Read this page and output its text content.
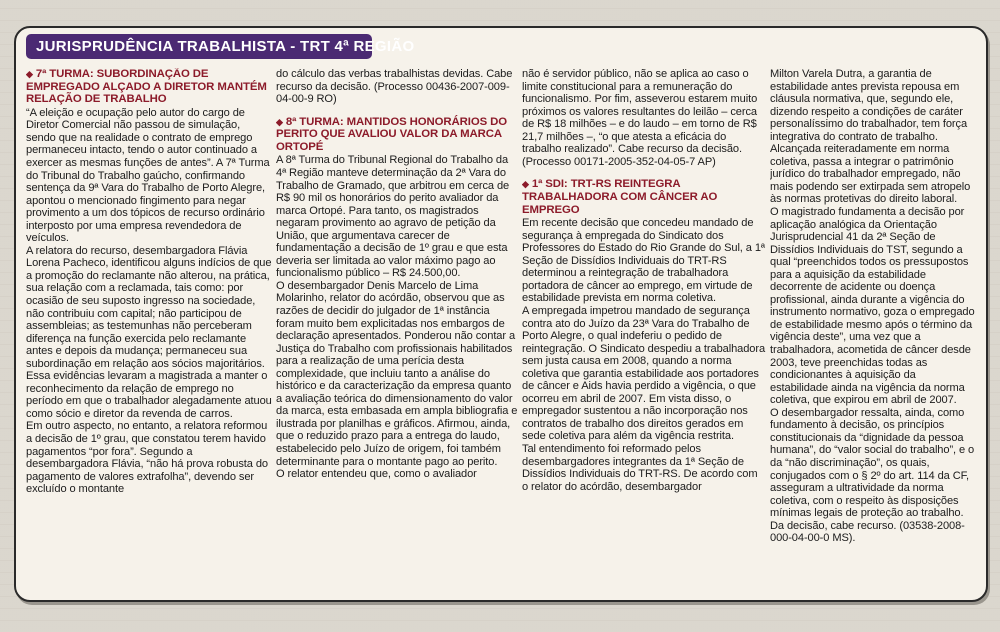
JURISPRUDÊNCIA TRABALHISTA - TRT 4ª REGIÃO
◆ 7ª TURMA: SUBORDINAÇÃO DE EMPREGADO ALÇADO A DIRETOR MANTÉM RELAÇÃO DE TRABALHO

“A eleição e ocupação pelo autor do cargo de Diretor Comercial não passou de simulação, sendo que na realidade o contrato de emprego permaneceu intacto, tendo o autor continuado a exercer as mesmas funções de antes”. A 7ª Turma do Tribunal do Trabalho gaúcho, confirmando sentença da 9ª Vara do Trabalho de Porto Alegre, apontou o mencionado fingimento para negar provimento a um dos tópicos de recurso ordinário interposto por uma empresa revendedora de veículos.

A relatora do recurso, desembargadora Flávia Lorena Pacheco, identificou alguns indícios de que a promoção do reclamante não alterou, na prática, sua relação com a reclamada, tais como: por ocasião de seu suposto ingresso na sociedade, não contribuiu com capital; não participou de assembleias; as testemunhas não perceberam diferença na função exercida pelo reclamante antes e depois da mudança; permaneceu sua subordinação em relação aos sócios majoritários. Essa evidências levaram a magistrada a manter o reconhecimento da relação de emprego no período em que o trabalhador alegadamente atuou como sócio e diretor da revenda de carros.

Em outro aspecto, no entanto, a relatora reformou a decisão de 1º grau, que constatou terem havido pagamentos “por fora”. Segundo a desembargadora Flávia, “não há prova robusta do pagamento de valores extrafolha”, devendo ser excluído o montante

do cálculo das verbas trabalhistas devidas. Cabe recurso da decisão. (Processo 00436-2007-009-04-00-9 RO)

◆ 8ª TURMA: MANTIDOS HONORÁRIOS DO PERITO QUE AVALIOU VALOR DA MARCA ORTOPÉ

A 8ª Turma do Tribunal Regional do Trabalho da 4ª Região manteve determinação da 2ª Vara do Trabalho de Gramado, que arbitrou em cerca de R$ 90 mil os honorários do perito avaliador da marca Ortopé. Para tanto, os magistrados negaram provimento ao agravo de petição da União, que argumentava carecer de fundamentação a decisão de 1º grau e que esta deveria ser limitada ao valor máximo pago ao funcionalismo público – R$ 24.500,00.

O desembargador Denis Marcelo de Lima Molarinho, relator do acórdão, observou que as razões de decidir do julgador de 1ª instância foram muito bem explicitadas nos embargos de declaração apresentados. Ponderou não contar a Justiça do Trabalho com profissionais habilitados para a realização de uma perícia desta complexidade, que incluiu tanto a análise do histórico e da caracterização da empresa quanto a avaliação teórica do dimensionamento do valor da marca, esta embasada em ampla bibliografia e ilustrada por planilhas e gráficos. Afirmou, ainda, que o reduzido prazo para a entrega do laudo, estabelecido pelo Juízo de origem, foi também determinante para o montante pago ao perito.

O relator entendeu que, como o avaliador

não é servidor público, não se aplica ao caso o limite constitucional para a remuneração do funcionalismo. Por fim, asseverou estarem muito próximos os valores resultantes do leilão – cerca de R$ 18 milhões – e do laudo – em torno de R$ 21,7 milhões –, “o que atesta a eficácia do trabalho realizado”. Cabe recurso da decisão. (Processo 00171-2005-352-04-05-7 AP)

◆ 1ª SDI: TRT-RS REINTEGRA TRABALHADORA COM CÂNCER AO EMPREGO

Em recente decisão que concedeu mandado de segurança à empregada do Sindicato dos Professores do Estado do Rio Grande do Sul, a 1ª Seção de Dissídios Individuais do TRT-RS determinou a reintegração de trabalhadora portadora de câncer ao emprego, em virtude de estabilidade prevista em norma coletiva.

A empregada impetrou mandado de segurança contra ato do Juízo da 23ª Vara do Trabalho de Porto Alegre, o qual indeferiu o pedido de reintegração. O Sindicato despediu a trabalhadora sem justa causa em 2008, quando a norma coletiva que garantia estabilidade aos portadores de câncer e Aids havia perdido a vigência, o que ocorreu em abril de 2007. Em vista disso, o empregador sustentou a não incorporação nos contratos de trabalho dos direitos gerados em sede coletiva para além da vigência restrita.

Tal entendimento foi reformado pelos desembargadores integrantes da 1ª Seção de Dissídios Individuais do TRT-RS. De acordo com o relator do acórdão, desembargador

Milton Varela Dutra, a garantia de estabilidade antes prevista repousa em cláusula normativa, que, segundo ele, dizendo respeito a condições de caráter personalíssimo do trabalhador, tem força integrativa do contrato de trabalho. Alcançada reiteradamente em norma coletiva, passa a integrar o patrimônio jurídico do trabalhador empregado, não mais podendo ser extirpada sem atropelo às normas protetivas do direito laboral.

O magistrado fundamenta a decisão por aplicação analógica da Orientação Jurisprudencial 41 da 2ª Seção de Dissídios Individuais do TST, segundo a qual “preenchidos todos os pressupostos para a aquisição da estabilidade decorrente de acidente ou doença profissional, ainda durante a vigência do instrumento normativo, goza o empregado de estabilidade mesmo após o término da vigência deste”, uma vez que a trabalhadora, acometida de câncer desde 2003, teve preenchidas todas as condicionantes à aquisição da estabilidade ainda na vigência da norma coletiva, que expirou em abril de 2007.

O desembargador ressalta, ainda, como fundamento à decisão, os princípios constitucionais da “dignidade da pessoa humana”, do “valor social do trabalho”, e o da “não discriminação”, os quais, conjugados com o § 2º do art. 114 da CF, asseguram a ultratividade da norma coletiva, com o respeito às disposições mínimas legais de proteção ao trabalho. Da decisão, cabe recurso. (03538-2008-000-04-00-0 MS).
